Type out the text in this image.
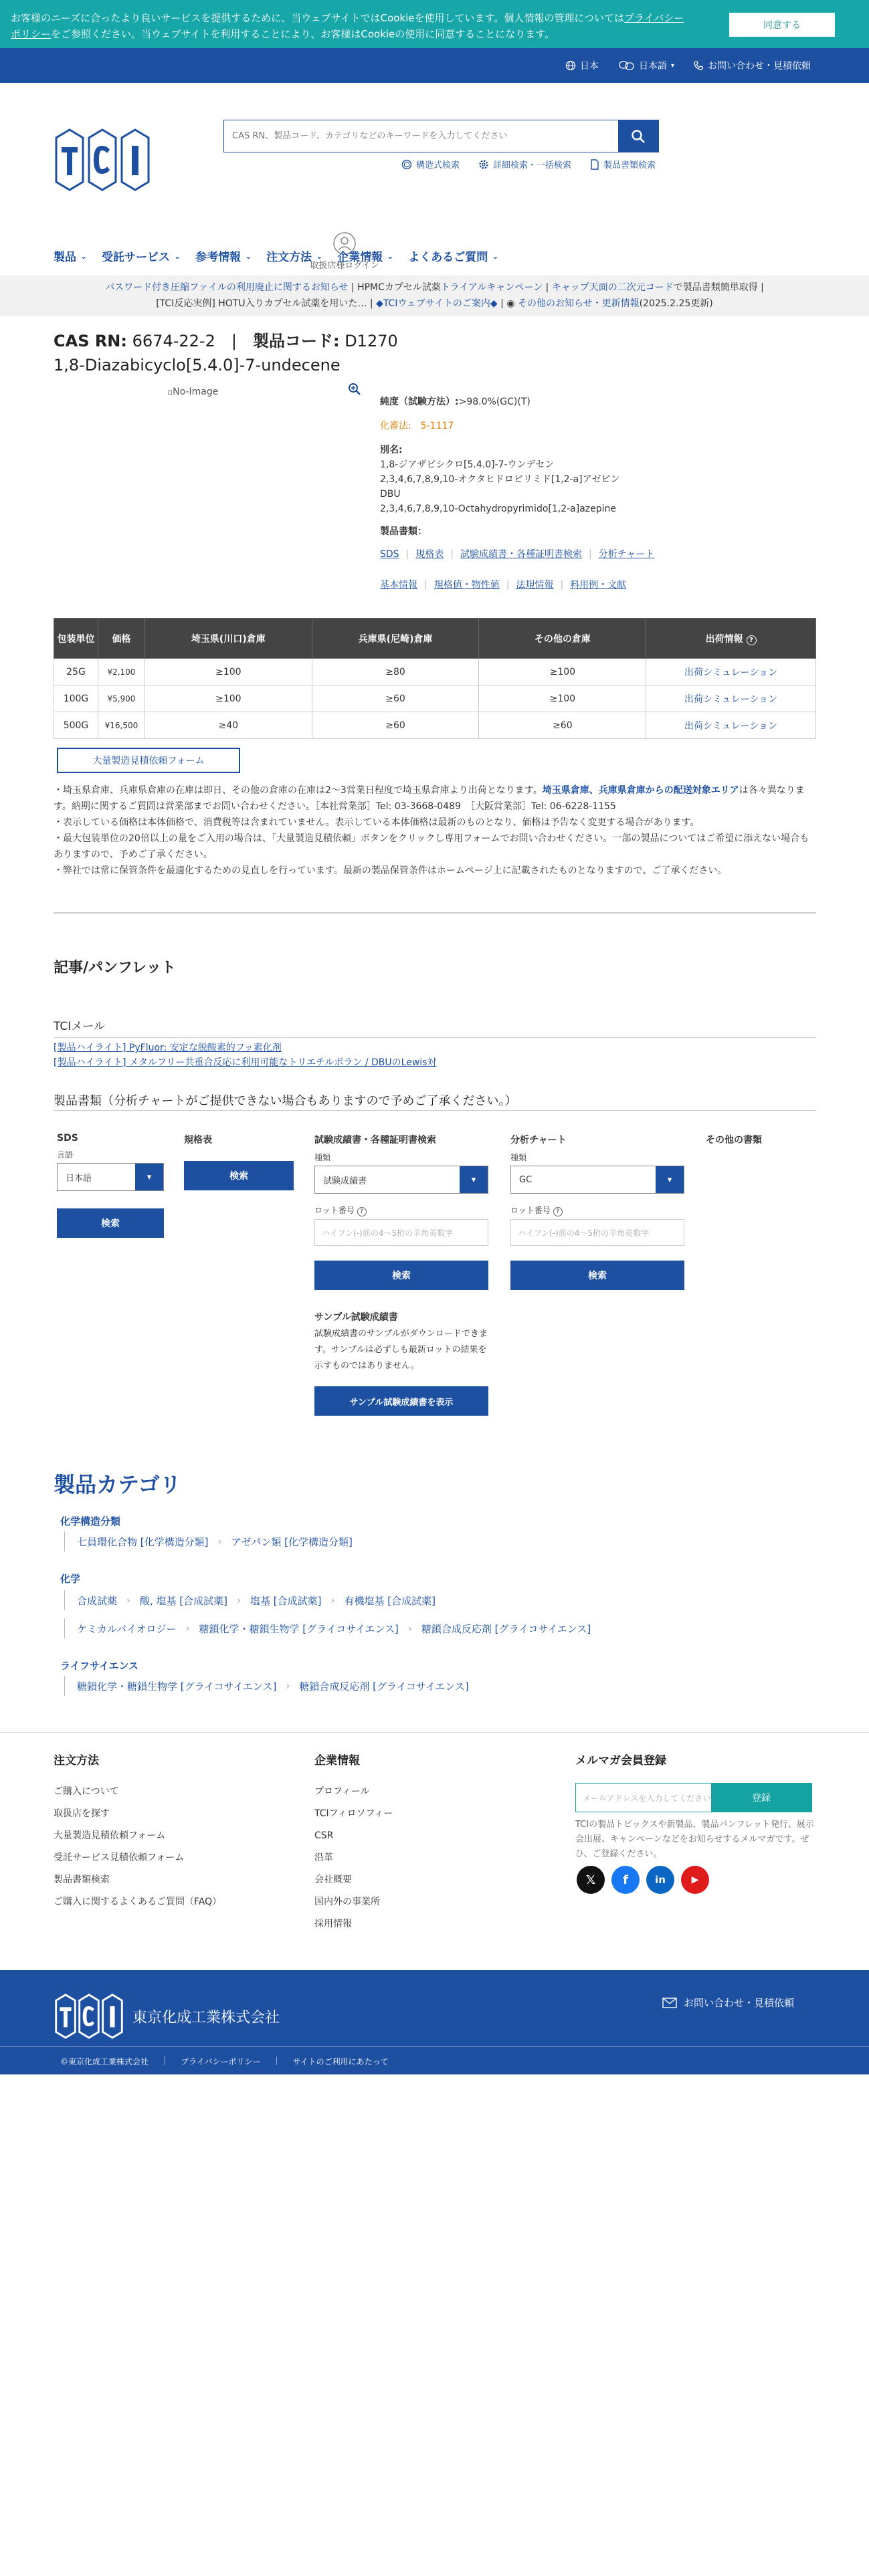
お客様のニーズに合ったより良いサービスを提供するために、当ウェブサイトではCookieを使用しています。個人情報の管理についてはプライバシーポリシーをご参照ください。当ウェブサイトを利用することにより、お客様はCookieの使用に同意することになります。
同意する
日本	日本語 ▾	お問い合わせ・見積依頼
CAS RN、製品コード、カテゴリなどのキーワードを入力してください
構造式検索	詳細検索・一括検索	製品書類検索
取扱店様ログイン
製品 ⌄ 受託サービス ⌄ 参考情報 ⌄ 注文方法 ⌄ 企業情報 ⌄ よくあるご質問 ⌄
パスワード付き圧縮ファイルの利用廃止に関するお知らせ | HPMCカプセル試薬トライアルキャンペーン | キャップ天面の二次元コードで製品書類簡単取得 |
[TCI反応実例] HOTU入りカプセル試薬を用いた… | ◆TCIウェブサイトのご案内◆ | ◉ その他のお知らせ・更新情報(2025.2.25更新)
CAS RN: 6674-22-2　|　製品コード: D1270
1,8-Diazabicyclo[5.4.0]-7-undecene
▫No-Image
純度（試験方法）:>98.0%(GC)(T)
化審法:　5-1117
別名:
1,8-ジアザビシクロ[5.4.0]-7-ウンデセン
2,3,4,6,7,8,9,10-オクタヒドロピリミド[1,2-a]アゼピン
DBU
2,3,4,6,7,8,9,10-Octahydropyrimido[1,2-a]azepine
製品書類：
SDS | 規格表 | 試験成績書・各種証明書検索 | 分析チャート
基本情報 | 規格値・物性値 | 法規情報 | 料用例・文献
包装単位	価格	埼玉県(川口)倉庫	兵庫県(尼崎)倉庫	その他の倉庫	出荷情報 ?
25G	¥2,100	≥100	≥80	≥100	出荷シミュレーション
100G	¥5,900	≥100	≥60	≥100	出荷シミュレーション
500G	¥16,500	≥40	≥60	≥60	出荷シミュレーション
大量製造見積依頼フォーム
・埼玉県倉庫、兵庫県倉庫の在庫は即日、その他の倉庫の在庫は2～3営業日程度で埼玉県倉庫より出荷となります。埼玉県倉庫、兵庫県倉庫からの配送対象エリアは各々異なります。納期に関するご質問は営業部までお問い合わせください。［本社営業部］Tel: 03-3668-0489　［大阪営業部］Tel: 06-6228-1155
・表示している価格は本体価格で、消費税等は含まれていません。表示している本体価格は最新のものとなり、価格は予告なく変更する場合があります。
・最大包装単位の20倍以上の量をご入用の場合は、「大量製造見積依頼」ボタンをクリックし専用フォームでお問い合わせください。一部の製品についてはご希望に添えない場合もありますので、予めご了承ください。
・弊社では常に保管条件を最適化するための見直しを行っています。最新の製品保管条件はホームページ上に記載されたものとなりますので、ご了承ください。
記事/パンフレット
TCIメール
[製品ハイライト] PyFluor: 安定な脱酸素的フッ素化剤
[製品ハイライト] メタルフリー共重合反応に利用可能なトリエチルボラン / DBUのLewis対
製品書類（分析チャートがご提供できない場合もありますので予めご了承ください。）
SDS
言語
日本語	▾
検索
規格表
検索
試験成績書・各種証明書検索
種類
試験成績書	▾
ロット番号 ?
ハイフン(-)前の4～5桁の半角英数字
検索
サンプル試験成績書
試験成績書のサンプルがダウンロードできます。サンプルは必ずしも最新ロットの結果を示すものではありません。
サンプル試験成績書を表示
分析チャート
種類
GC	▾
ロット番号 ?
ハイフン(-)前の4～5桁の半角英数字
検索
その他の書類
製品カテゴリ
化学構造分類
七員環化合物 [化学構造分類] › アゼパン類 [化学構造分類]
化学
合成試薬 › 酸, 塩基 [合成試薬] › 塩基 [合成試薬] › 有機塩基 [合成試薬]
ケミカルバイオロジー › 糖鎖化学・糖鎖生物学 [グライコサイエンス] › 糖鎖合成反応剤 [グライコサイエンス]
ライフサイエンス
糖鎖化学・糖鎖生物学 [グライコサイエンス] › 糖鎖合成反応剤 [グライコサイエンス]
注文方法
ご購入について
取扱店を探す
大量製造見積依頼フォーム
受託サービス見積依頼フォーム
製品書類検索
ご購入に関するよくあるご質問（FAQ）
企業情報
プロフィール
TCIフィロソフィー
CSR
沿革
会社概要
国内外の事業所
採用情報
メルマガ会員登録
メールアドレスを入力してください	登録
TCIの製品トピックスや新製品、製品パンフレット発行、展示会出展、キャンペーンなどをお知らせするメルマガです。ぜひ、ご登録ください。
𝕏	f	in	▶
東京化成工業株式会社
お問い合わせ・見積依頼
©東京化成工業株式会社 | プライバシーポリシー | サイトのご利用にあたって
